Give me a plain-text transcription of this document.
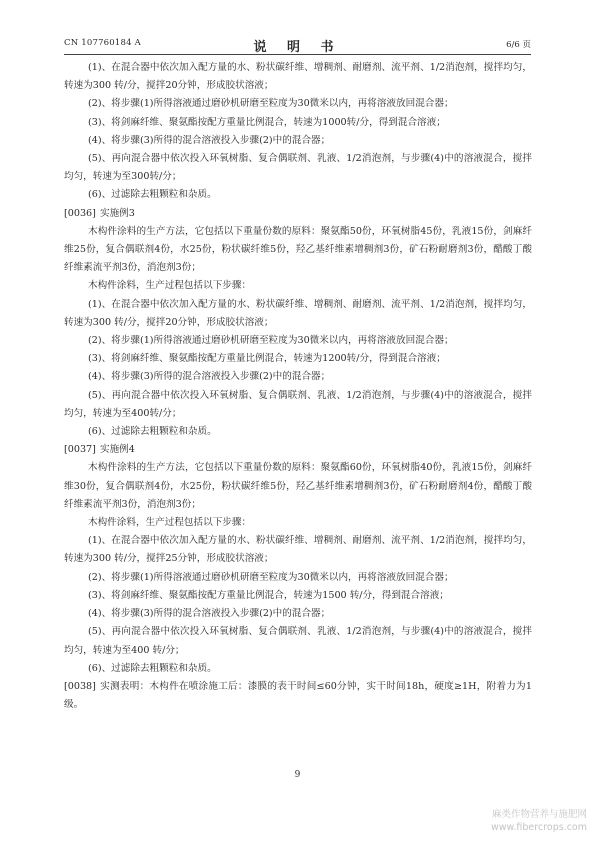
CN 107760184 A	说 明 书	6/6 页

(1)、在混合器中依次加入配方量的水、粉状碳纤维、增稠剂、耐磨剂、流平剂、1/2消泡剂，搅拌均匀，转速为300 转/分，搅拌20分钟，形成胶状溶液；

(2)、将步骤(1)所得溶液通过磨砂机研磨至粒度为30微米以内，再将溶液放回混合器；

(3)、将剑麻纤维、聚氨酯按配方重量比例混合，转速为1000转/分，得到混合溶液；

(4)、将步骤(3)所得的混合溶液投入步骤(2)中的混合器；

(5)、再向混合器中依次投入环氧树脂、复合偶联剂、乳液、1/2消泡剂，与步骤(4)中的溶液混合，搅拌均匀，转速为至300转/分；

(6)、过滤除去粗颗粒和杂质。

[0036] 实施例3

木构件涂料的生产方法，它包括以下重量份数的原料：聚氨酯50份，环氧树脂45份，乳液15份，剑麻纤维25份，复合偶联剂4份，水25份，粉状碳纤维5份，羟乙基纤维素增稠剂3份，矿石粉耐磨剂3份，醋酸丁酸纤维素流平剂3份，消泡剂3份；

木构件涂料，生产过程包括以下步骤：

(1)、在混合器中依次加入配方量的水、粉状碳纤维、增稠剂、耐磨剂、流平剂、1/2消泡剂，搅拌均匀，转速为300 转/分，搅拌20分钟，形成胶状溶液；

(2)、将步骤(1)所得溶液通过磨砂机研磨至粒度为30微米以内，再将溶液放回混合器；

(3)、将剑麻纤维、聚氨酯按配方重量比例混合，转速为1200转/分，得到混合溶液；

(4)、将步骤(3)所得的混合溶液投入步骤(2)中的混合器；

(5)、再向混合器中依次投入环氧树脂、复合偶联剂、乳液、1/2消泡剂，与步骤(4)中的溶液混合，搅拌均匀，转速为至400转/分；

(6)、过滤除去粗颗粒和杂质。

[0037] 实施例4

木构件涂料的生产方法，它包括以下重量份数的原料：聚氨酯60份，环氧树脂40份，乳液15份，剑麻纤维30份，复合偶联剂4份，水25份，粉状碳纤维5份，羟乙基纤维素增稠剂3份，矿石粉耐磨剂4份，醋酸丁酸纤维素流平剂3份，消泡剂3份；

木构件涂料，生产过程包括以下步骤：

(1)、在混合器中依次加入配方量的水、粉状碳纤维、增稠剂、耐磨剂、流平剂、1/2消泡剂，搅拌均匀，转速为300 转/分，搅拌25分钟，形成胶状溶液；

(2)、将步骤(1)所得溶液通过磨砂机研磨至粒度为30微米以内，再将溶液放回混合器；

(3)、将剑麻纤维、聚氨酯按配方重量比例混合，转速为1500 转/分，得到混合溶液；

(4)、将步骤(3)所得的混合溶液投入步骤(2)中的混合器；

(5)、再向混合器中依次投入环氧树脂、复合偶联剂、乳液、1/2消泡剂，与步骤(4)中的溶液混合，搅拌均匀，转速为至400 转/分；

(6)、过滤除去粗颗粒和杂质。

[0038] 实测表明：木构件在喷涂施工后：漆膜的表干时间≤60分钟，实干时间18h，硬度≥1H，附着力为1级。

9
麻类作物营养与施肥网
www.fibercrops.com
